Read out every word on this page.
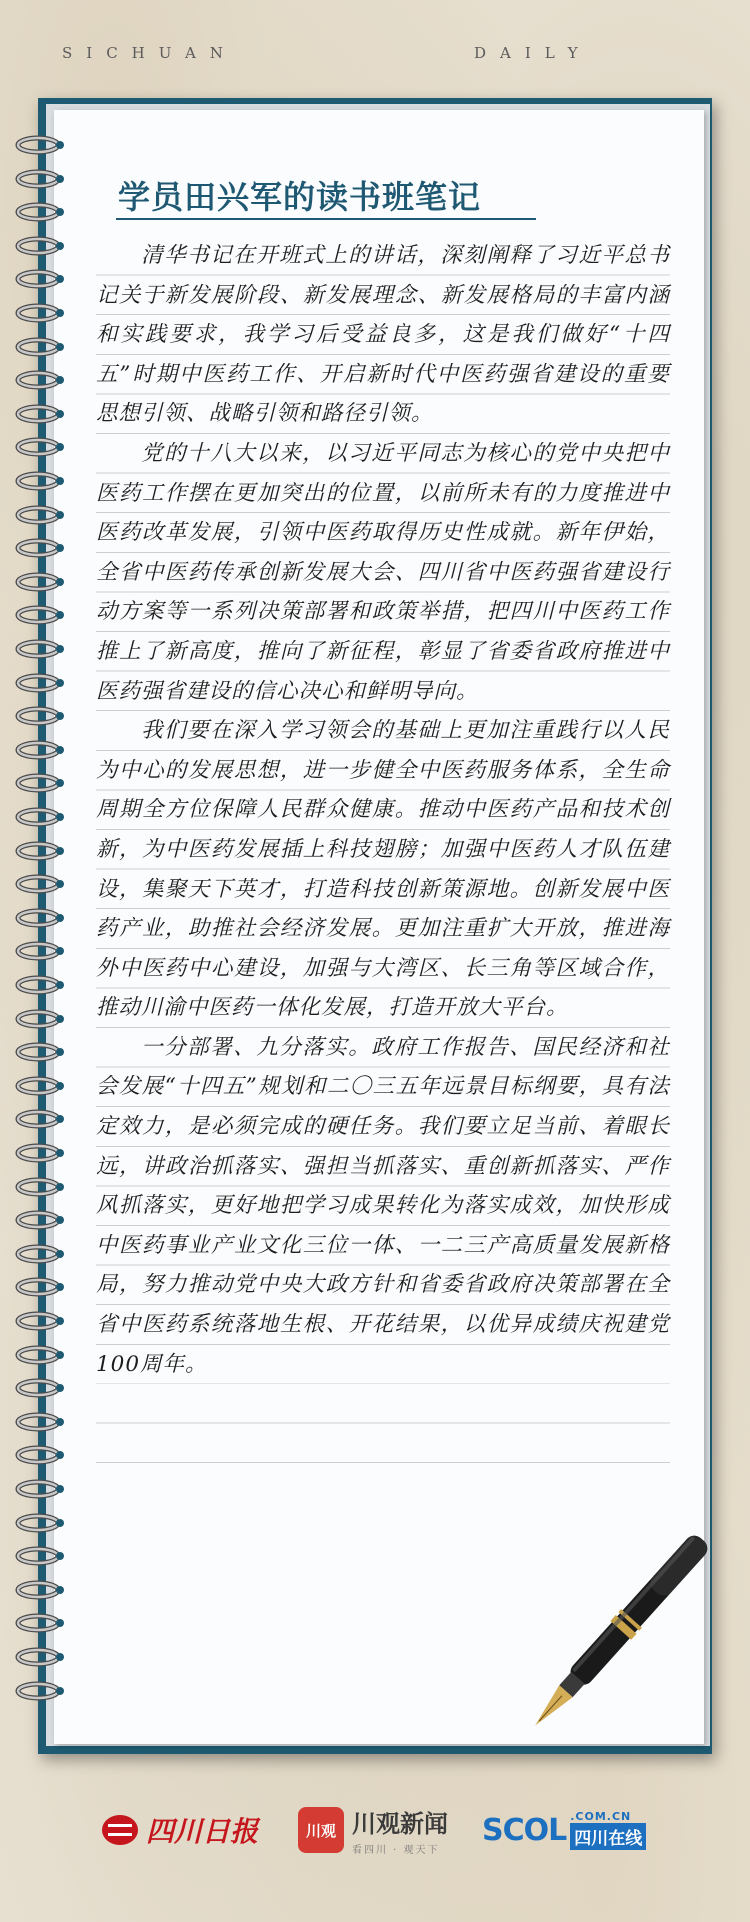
SICHUAN	DAILY
学员田兴军的读书班笔记

清华书记在开班式上的讲话，深刻阐释了习近平总书记关于新发展阶段、新发展理念、新发展格局的丰富内涵和实践要求，我学习后受益良多，这是我们做好“十四五”时期中医药工作、开启新时代中医药强省建设的重要思想引领、战略引领和路径引领。

党的十八大以来，以习近平同志为核心的党中央把中医药工作摆在更加突出的位置，以前所未有的力度推进中医药改革发展，引领中医药取得历史性成就。新年伊始，全省中医药传承创新发展大会、四川省中医药强省建设行动方案等一系列决策部署和政策举措，把四川中医药工作推上了新高度，推向了新征程，彰显了省委省政府推进中医药强省建设的信心决心和鲜明导向。

我们要在深入学习领会的基础上更加注重践行以人民为中心的发展思想，进一步健全中医药服务体系，全生命周期全方位保障人民群众健康。推动中医药产品和技术创新，为中医药发展插上科技翅膀；加强中医药人才队伍建设，集聚天下英才，打造科技创新策源地。创新发展中医药产业，助推社会经济发展。更加注重扩大开放，推进海外中医药中心建设，加强与大湾区、长三角等区域合作，推动川渝中医药一体化发展，打造开放大平台。

一分部署、九分落实。政府工作报告、国民经济和社会发展“十四五”规划和二〇三五年远景目标纲要，具有法定效力，是必须完成的硬任务。我们要立足当前、着眼长远，讲政治抓落实、强担当抓落实、重创新抓落实、严作风抓落实，更好地把学习成果转化为落实成效，加快形成中医药事业产业文化三位一体、一二三产高质量发展新格局，努力推动党中央大政方针和省委省政府决策部署在全省中医药系统落地生根、开花结果，以优异成绩庆祝建党100周年。

四川日报	川观 川观新闻
看四川 · 观天下
SCOL .COM.CN
四川在线
